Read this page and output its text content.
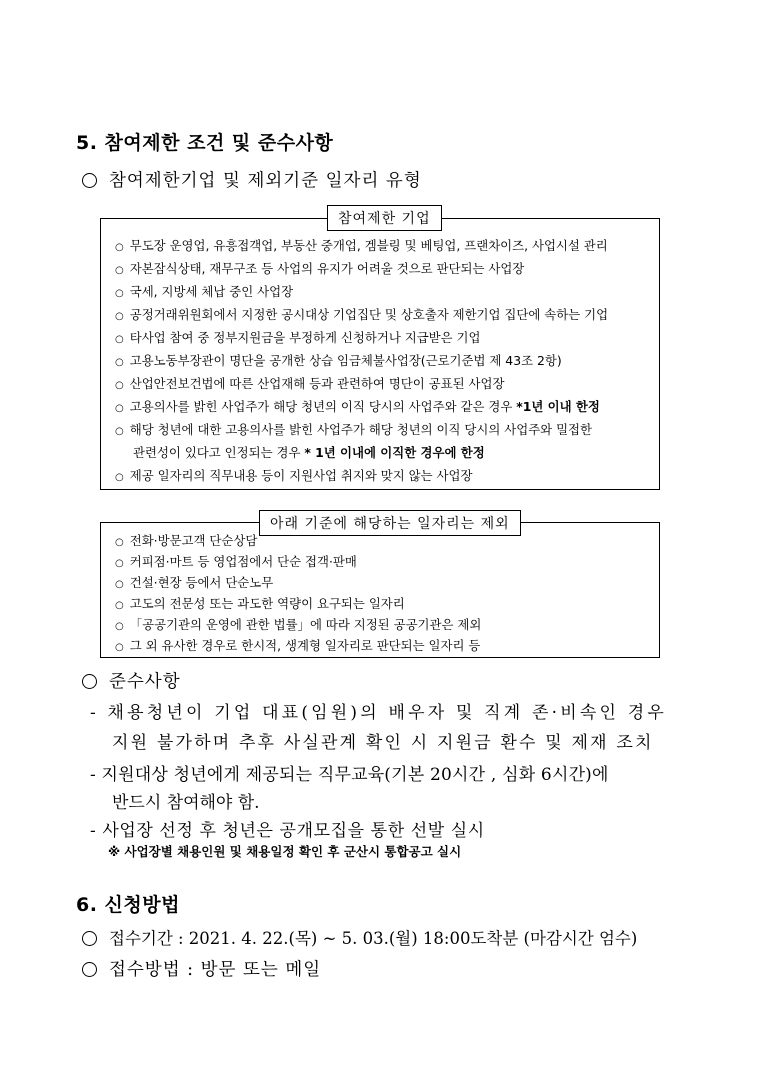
5. 참여제한 조건 및 준수사항
참여제한기업 및 제외기준 일자리 유형
참여제한 기업
○ 무도장 운영업, 유흥접객업, 부동산 중개업, 겜블링 및 베팅업, 프랜차이즈, 사업시설 관리
○ 자본잠식상태, 재무구조 등 사업의 유지가 어려울 것으로 판단되는 사업장
○ 국세, 지방세 체납 중인 사업장
○ 공정거래위원회에서 지정한 공시대상 기업집단 및 상호출자 제한기업 집단에 속하는 기업
○ 타사업 참여 중 정부지원금을 부정하게 신청하거나 지급받은 기업
○ 고용노동부장관이 명단을 공개한 상습 임금체불사업장(근로기준법 제 43조 2항)
○ 산업안전보건법에 따른 산업재해 등과 관련하여 명단이 공표된 사업장
○ 고용의사를 밝힌 사업주가 해당 청년의 이직 당시의 사업주와 같은 경우 *1년 이내 한정
○ 해당 청년에 대한 고용의사를 밝힌 사업주가 해당 청년의 이직 당시의 사업주와 밀접한
관련성이 있다고 인정되는 경우 * 1년 이내에 이직한 경우에 한정
○ 제공 일자리의 직무내용 등이 지원사업 취지와 맞지 않는 사업장
아래 기준에 해당하는 일자리는 제외
○ 전화·방문고객 단순상담
○ 커피점·마트 등 영업점에서 단순 접객·판매
○ 건설·현장 등에서 단순노무
○ 고도의 전문성 또는 과도한 역량이 요구되는 일자리
○ 「공공기관의 운영에 관한 법률」에 따라 지정된 공공기관은 제외
○ 그 외 유사한 경우로 한시적, 생계형 일자리로 판단되는 일자리 등
준수사항
- 채용청년이 기업 대표(임원)의 배우자 및 직계 존·비속인 경우
지원 불가하며 추후 사실관계 확인 시 지원금 환수 및 제재 조치
- 지원대상 청년에게 제공되는 직무교육(기본 20시간 , 심화 6시간)에
반드시 참여해야 함.
- 사업장 선정 후 청년은 공개모집을 통한 선발 실시
※ 사업장별 채용인원 및 채용일정 확인 후 군산시 통합공고 실시
6. 신청방법
접수기간 : 2021. 4. 22.(목) ~ 5. 03.(월) 18:00도착분 (마감시간 엄수)
접수방법 : 방문 또는 메일
